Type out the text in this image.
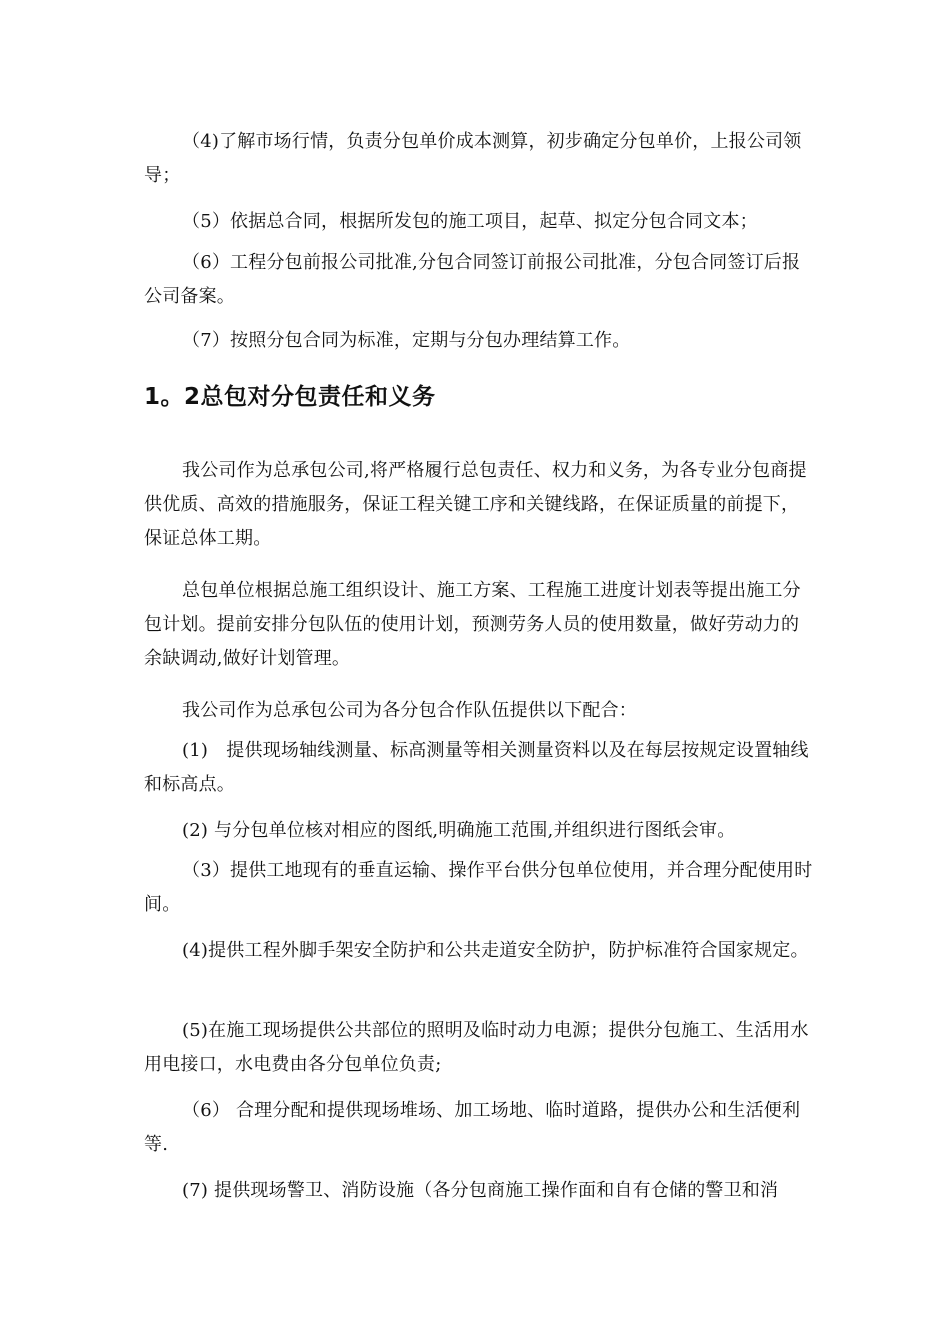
（4)了解市场行情，负责分包单价成本测算，初步确定分包单价，上报公司领导；

（5）依据总合同，根据所发包的施工项目，起草、拟定分包合同文本；

（6）工程分包前报公司批准,分包合同签订前报公司批准，分包合同签订后报公司备案。

（7）按照分包合同为标准，定期与分包办理结算工作。

1。2总包对分包责任和义务

我公司作为总承包公司,将严格履行总包责任、权力和义务，为各专业分包商提供优质、高效的措施服务，保证工程关键工序和关键线路，在保证质量的前提下，保证总体工期。

总包单位根据总施工组织设计、施工方案、工程施工进度计划表等提出施工分包计划。提前安排分包队伍的使用计划，预测劳务人员的使用数量，做好劳动力的余缺调动,做好计划管理。

我公司作为总承包公司为各分包合作队伍提供以下配合：

(1)　提供现场轴线测量、标高测量等相关测量资料以及在每层按规定设置轴线和标高点。

(2) 与分包单位核对相应的图纸,明确施工范围,并组织进行图纸会审。

（3）提供工地现有的垂直运输、操作平台供分包单位使用，并合理分配使用时间。

(4)提供工程外脚手架安全防护和公共走道安全防护，防护标准符合国家规定。

(5)在施工现场提供公共部位的照明及临时动力电源；提供分包施工、生活用水用电接口，水电费由各分包单位负责;

（6） 合理分配和提供现场堆场、加工场地、临时道路，提供办公和生活便利等.

(7) 提供现场警卫、消防设施（各分包商施工操作面和自有仓储的警卫和消
